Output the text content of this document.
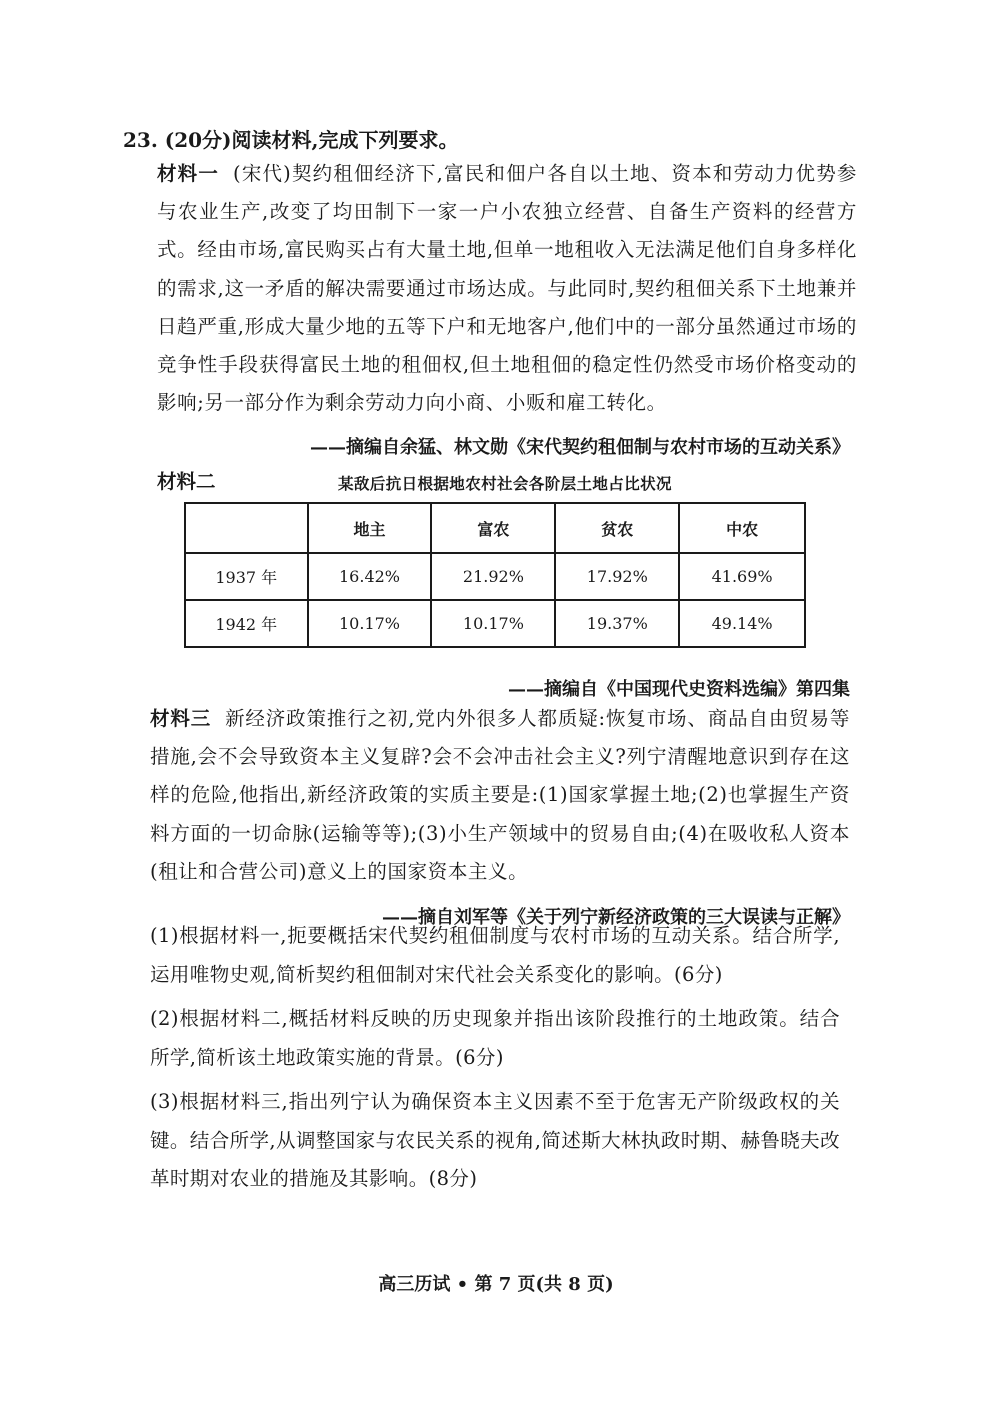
23. (20分)阅读材料,完成下列要求。
材料一 (宋代)契约租佃经济下,富民和佃户各自以土地、资本和劳动力优势参与农业生产,改变了均田制下一家一户小农独立经营、自备生产资料的经营方式。经由市场,富民购买占有大量土地,但单一地租收入无法满足他们自身多样化的需求,这一矛盾的解决需要通过市场达成。与此同时,契约租佃关系下土地兼并日趋严重,形成大量少地的五等下户和无地客户,他们中的一部分虽然通过市场的竞争性手段获得富民土地的租佃权,但土地租佃的稳定性仍然受市场价格变动的影响;另一部分作为剩余劳动力向小商、小贩和雇工转化。
——摘编自余猛、林文勋《宋代契约租佃制与农村市场的互动关系》
材料二	某敌后抗日根据地农村社会各阶层土地占比状况
	地主	富农	贫农	中农
1937 年	16.42%	21.92%	17.92%	41.69%
1942 年	10.17%	10.17%	19.37%	49.14%
——摘编自《中国现代史资料选编》第四集
材料三 新经济政策推行之初,党内外很多人都质疑:恢复市场、商品自由贸易等措施,会不会导致资本主义复辟?会不会冲击社会主义?列宁清醒地意识到存在这样的危险,他指出,新经济政策的实质主要是:(1)国家掌握土地;(2)也掌握生产资料方面的一切命脉(运输等等);(3)小生产领域中的贸易自由;(4)在吸收私人资本(租让和合营公司)意义上的国家资本主义。
——摘自刘军等《关于列宁新经济政策的三大误读与正解》
(1)根据材料一,扼要概括宋代契约租佃制度与农村市场的互动关系。结合所学,运用唯物史观,简析契约租佃制对宋代社会关系变化的影响。(6分)
(2)根据材料二,概括材料反映的历史现象并指出该阶段推行的土地政策。结合所学,简析该土地政策实施的背景。(6分)
(3)根据材料三,指出列宁认为确保资本主义因素不至于危害无产阶级政权的关键。结合所学,从调整国家与农民关系的视角,简述斯大林执政时期、赫鲁晓夫改革时期对农业的措施及其影响。(8分)
高三历试 • 第 7 页(共 8 页)
